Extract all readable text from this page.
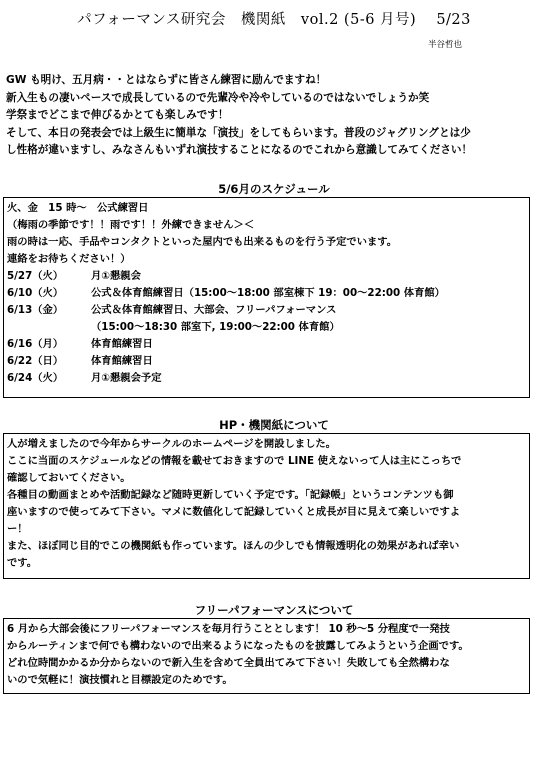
パフォーマンス研究会　機関紙　vol.2 (5-6 月号)　 5/23
半谷哲也
GW も明け、五月病・・とはならずに皆さん練習に励んでますね！
新入生もの凄いペースで成長しているので先輩冷や冷やしているのではないでしょうか笑
学祭までどこまで伸びるかとても楽しみです！
そして、本日の発表会では上級生に簡単な「演技」をしてもらいます。普段のジャグリングとは少
し性格が違いますし、みなさんもいずれ演技することになるのでこれから意識してみてください！
5/6月のスケジュール
火、金　15 時～　公式練習日
（梅雨の季節です！！雨です！！外練できません＞＜
雨の時は一応、手品やコンタクトといった屋内でも出来るものを行う予定でいます。
連絡をお待ちください！）
5/27（火）	月①懇親会
6/10（火）	公式＆体育館練習日（15:00～18:00 部室棟下 19：00～22:00 体育館）
6/13（金）	公式＆体育館練習日、大部会、フリーパフォーマンス
（15:00～18:30 部室下, 19:00～22:00 体育館）
6/16（月）	体育館練習日
6/22（日）	体育館練習日
6/24（火）	月①懇親会予定
HP・機関紙について
人が増えましたので今年からサークルのホームページを開設しました。
ここに当面のスケジュールなどの情報を載せておきますので LINE 使えないって人は主にこっちで
確認しておいてください。
各種目の動画まとめや活動記録など随時更新していく予定です。「記録帳」というコンテンツも御
座いますので使ってみて下さい。マメに数値化して記録していくと成長が目に見えて楽しいですよ
ー！
また、ほぼ同じ目的でこの機関紙も作っています。ほんの少しでも情報透明化の効果があれば幸い
です。
フリーパフォーマンスについて
6 月から大部会後にフリーパフォーマンスを毎月行うこととします！ 10 秒～5 分程度で一発技
からルーティンまで何でも構わないので出来るようになったものを披露してみようという企画です。
どれ位時間かかるか分からないので新入生を含めて全員出てみて下さい！失敗しても全然構わな
いので気軽に！演技慣れと目標設定のためです。
